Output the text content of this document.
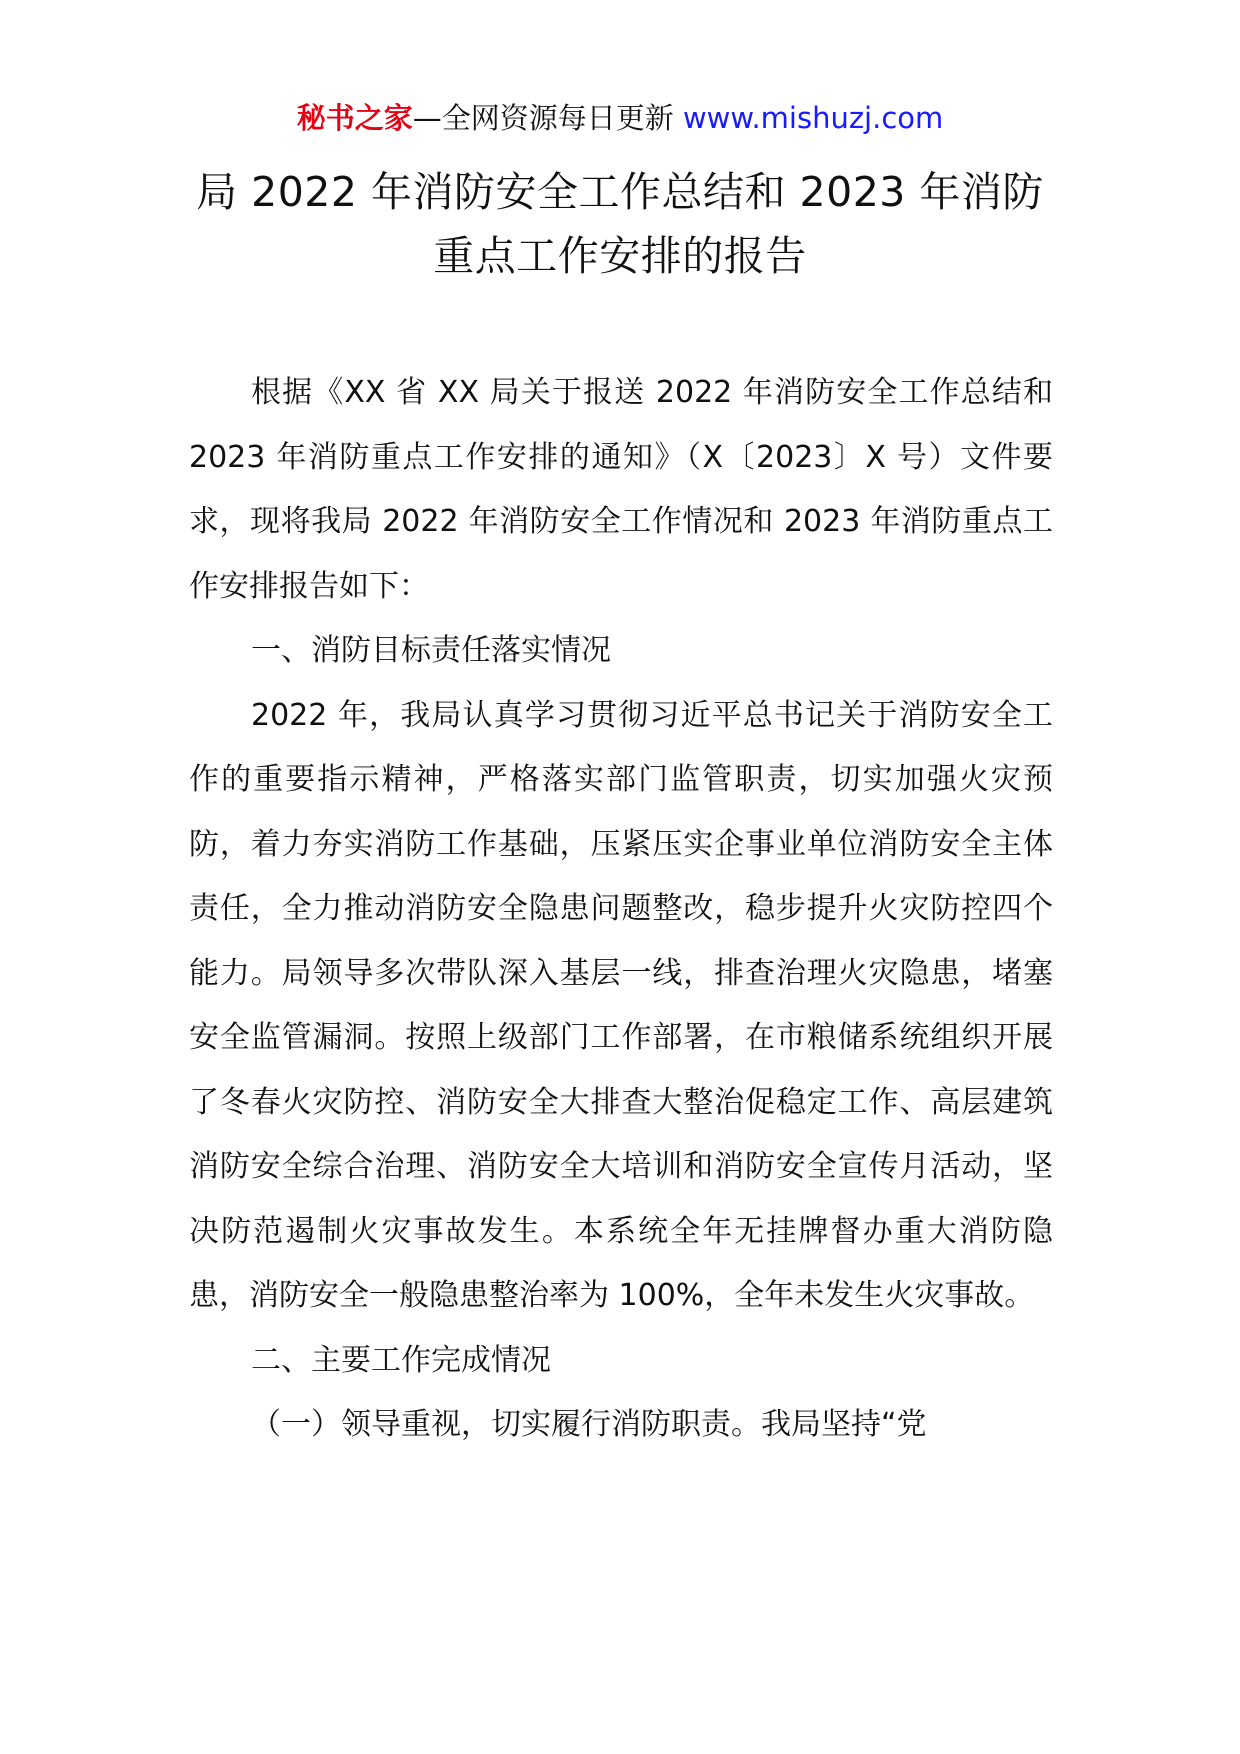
秘书之家—全网资源每日更新 www.mishuzj.com
局 2022 年消防安全工作总结和 2023 年消防
重点工作安排的报告

根据《XX 省 XX 局关于报送 2022 年消防安全工作总结和 2023 年消防重点工作安排的通知》（X〔2023〕X 号）文件要求，现将我局 2022 年消防安全工作情况和 2023 年消防重点工作安排报告如下：

一、消防目标责任落实情况

2022 年，我局认真学习贯彻习近平总书记关于消防安全工作的重要指示精神，严格落实部门监管职责，切实加强火灾预防，着力夯实消防工作基础，压紧压实企事业单位消防安全主体责任，全力推动消防安全隐患问题整改，稳步提升火灾防控四个能力。局领导多次带队深入基层一线，排查治理火灾隐患，堵塞安全监管漏洞。按照上级部门工作部署，在市粮储系统组织开展了冬春火灾防控、消防安全大排查大整治促稳定工作、高层建筑消防安全综合治理、消防安全大培训和消防安全宣传月活动，坚决防范遏制火灾事故发生。本系统全年无挂牌督办重大消防隐患，消防安全一般隐患整治率为 100%，全年未发生火灾事故。

二、主要工作完成情况

（一）领导重视，切实履行消防职责。我局坚持“党
